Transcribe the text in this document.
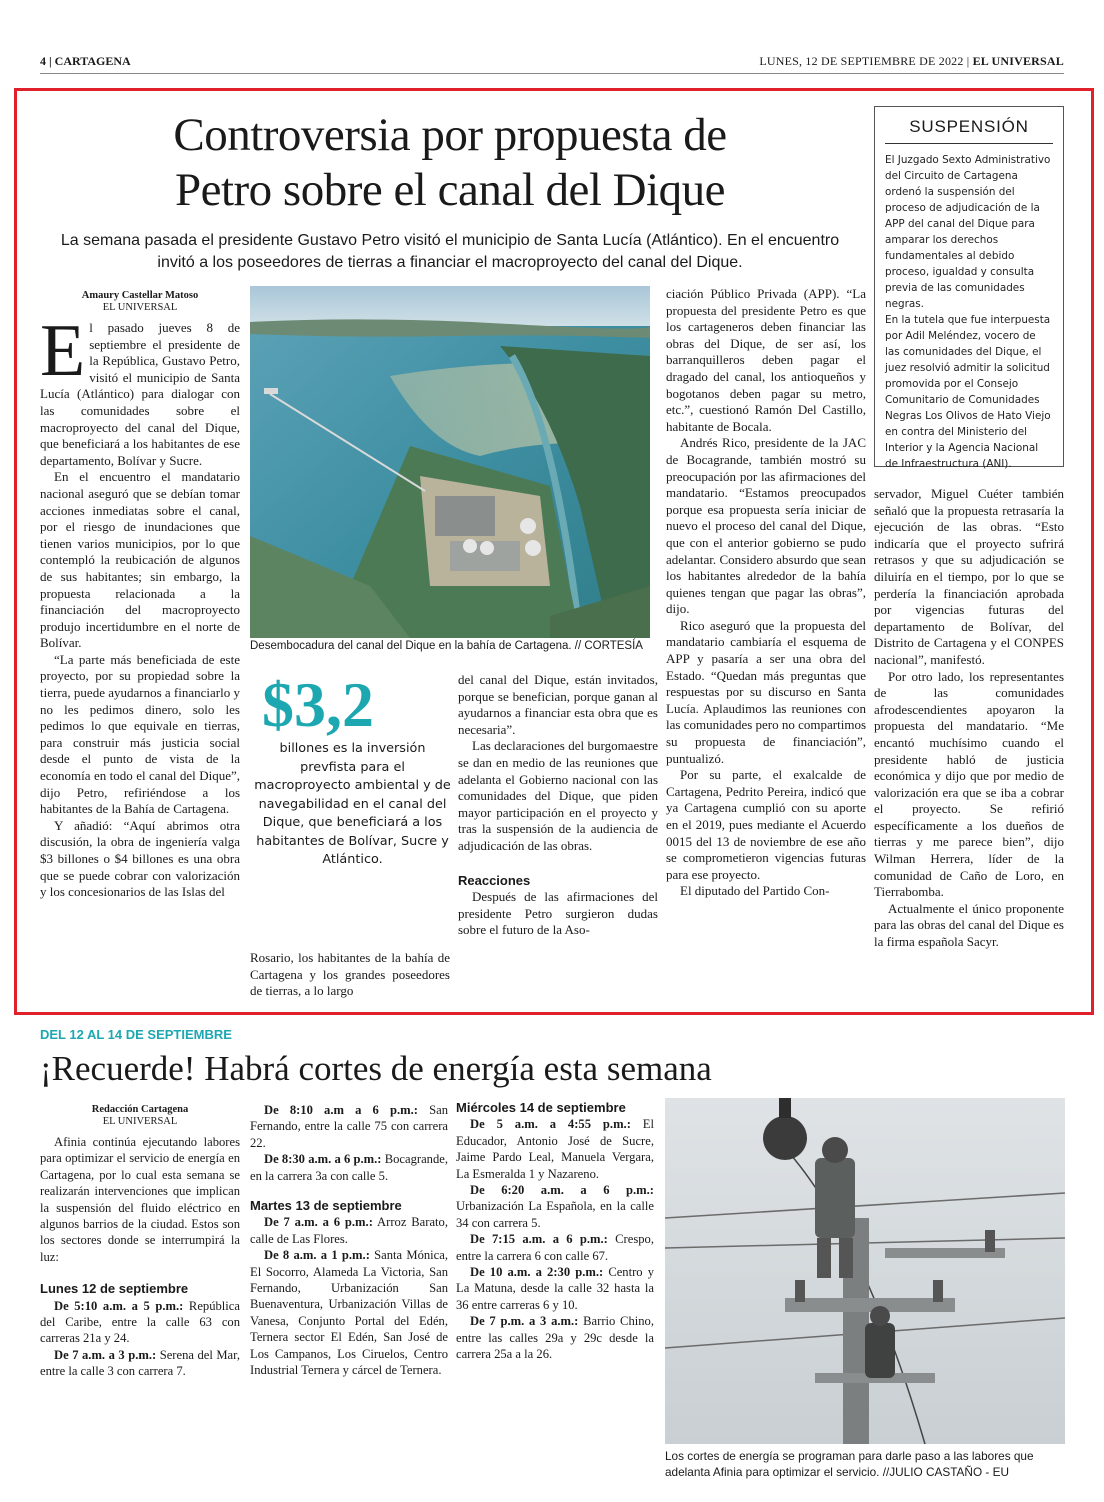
4 | CARTAGENA	LUNES, 12 DE SEPTIEMBRE DE 2022 | EL UNIVERSAL
Controversia por propuesta de
Petro sobre el canal del Dique

La semana pasada el presidente Gustavo Petro visitó el municipio de Santa Lucía (Atlántico). En el encuentro invitó a los poseedores de tierras a financiar el macroproyecto del canal del Dique.

SUSPENSIÓN

El Juzgado Sexto Administrativo del Circuito de Cartagena ordenó la suspensión del proceso de adjudicación de la APP del canal del Dique para amparar los derechos fundamentales al debido proceso, igualdad y consulta previa de las comunidades negras.

En la tutela que fue interpuesta por Adil Meléndez, vocero de las comunidades del Dique, el juez resolvió admitir la solicitud promovida por el Consejo Comunitario de Comunidades Negras Los Olivos de Hato Viejo en contra del Ministerio del Interior y la Agencia Nacional de Infraestructura (ANI).

Amaury Castellar Matoso
EL UNIVERSAL

El pasado jueves 8 de septiembre el presidente de la República, Gustavo Petro, visitó el municipio de Santa Lucía (Atlántico) para dialogar con las comunidades sobre el macroproyecto del canal del Dique, que beneficiará a los habitantes de ese departamento, Bolívar y Sucre.

En el encuentro el mandatario nacional aseguró que se debían tomar acciones inmediatas sobre el canal, por el riesgo de inundaciones que tienen varios municipios, por lo que contempló la reubicación de algunos de sus habitantes; sin embargo, la propuesta relacionada a la financiación del macroproyecto produjo incertidumbre en el norte de Bolívar.

“La parte más beneficiada de este proyecto, por su propiedad sobre la tierra, puede ayudarnos a financiarlo y no les pedimos dinero, solo les pedimos lo que equivale en tierras, para construir más justicia social desde el punto de vista de la economía en todo el canal del Dique”, dijo Petro, refiriéndose a los habitantes de la Bahía de Cartagena.

Y añadió: “Aquí abrimos otra discusión, la obra de ingeniería valga $3 billones o $4 billones es una obra que se puede cobrar con valorización y los concesionarios de las Islas del

Desembocadura del canal del Dique en la bahía de Cartagena. // CORTESÍA
$3,2
billones es la inversión prevfista para el macroproyecto ambiental y de navegabilidad en el canal del Dique, que beneficiará a los habitantes de Bolívar, Sucre y Atlántico.

Rosario, los habitantes de la bahía de Cartagena y los grandes poseedores de tierras, a lo largo

del canal del Dique, están invitados, porque se benefician, porque ganan al ayudarnos a financiar esta obra que es necesaria”.

Las declaraciones del burgomaestre se dan en medio de las reuniones que adelanta el Gobierno nacional con las comunidades del Dique, que piden mayor participación en el proyecto y tras la suspensión de la audiencia de adjudicación de las obras.

Reacciones

Después de las afirmaciones del presidente Petro surgieron dudas sobre el futuro de la Aso-

ciación Público Privada (APP). “La propuesta del presidente Petro es que los cartageneros deben financiar las obras del Dique, de ser así, los barranquilleros deben pagar el dragado del canal, los antioqueños y bogotanos deben pagar su metro, etc.”, cuestionó Ramón Del Castillo, habitante de Bocala.

Andrés Rico, presidente de la JAC de Bocagrande, también mostró su preocupación por las afirmaciones del mandatario. “Estamos preocupados porque esa propuesta sería iniciar de nuevo el proceso del canal del Dique, que con el anterior gobierno se pudo adelantar. Considero absurdo que sean los habitantes alrededor de la bahía quienes tengan que pagar las obras”, dijo.

Rico aseguró que la propuesta del mandatario cambiaría el esquema de APP y pasaría a ser una obra del Estado. “Quedan más preguntas que respuestas por su discurso en Santa Lucía. Aplaudimos las reuniones con las comunidades pero no compartimos su propuesta de financiación”, puntualizó.

Por su parte, el exalcalde de Cartagena, Pedrito Pereira, indicó que ya Cartagena cumplió con su aporte en el 2019, pues mediante el Acuerdo 0015 del 13 de noviembre de ese año se comprometieron vigencias futuras para ese proyecto.

El diputado del Partido Con-

servador, Miguel Cuéter también señaló que la propuesta retrasaría la ejecución de las obras. “Esto indicaría que el proyecto sufrirá retrasos y que su adjudicación se diluiría en el tiempo, por lo que se perdería la financiación aprobada por vigencias futuras del departamento de Bolívar, del Distrito de Cartagena y el CONPES nacional”, manifestó.

Por otro lado, los representantes de las comunidades afrodescendientes apoyaron la propuesta del mandatario. “Me encantó muchísimo cuando el presidente habló de justicia económica y dijo que por medio de valorización era que se iba a cobrar el proyecto. Se refirió específicamente a los dueños de tierras y me parece bien”, dijo Wilman Herrera, líder de la comunidad de Caño de Loro, en Tierrabomba.

Actualmente el único proponente para las obras del canal del Dique es la firma española Sacyr.

DEL 12 AL 14 DE SEPTIEMBRE
¡Recuerde! Habrá cortes de energía esta semana
Redacción Cartagena
EL UNIVERSAL

Afinia continúa ejecutando labores para optimizar el servicio de energía en Cartagena, por lo cual esta semana se realizarán intervenciones que implican la suspensión del fluido eléctrico en algunos barrios de la ciudad. Estos son los sectores donde se interrumpirá la luz:

Lunes 12 de septiembre

De 5:10 a.m. a 5 p.m.: República del Caribe, entre la calle 63 con carreras 21a y 24.

De 7 a.m. a 3 p.m.: Serena del Mar, entre la calle 3 con carrera 7.

De 8:10 a.m a 6 p.m.: San Fernando, entre la calle 75 con carrera 22.

De 8:30 a.m. a 6 p.m.: Bocagrande, en la carrera 3a con calle 5.

Martes 13 de septiembre

De 7 a.m. a 6 p.m.: Arroz Barato, calle de Las Flores.

De 8 a.m. a 1 p.m.: Santa Mónica, El Socorro, Alameda La Victoria, San Fernando, Urbanización San Buenaventura, Urbanización Villas de Vanesa, Conjunto Portal del Edén, Ternera sector El Edén, San José de Los Campanos, Los Ciruelos, Centro Industrial Ternera y cárcel de Ternera.

Miércoles 14 de septiembre

De 5 a.m. a 4:55 p.m.: El Educador, Antonio José de Sucre, Jaime Pardo Leal, Manuela Vergara, La Esmeralda 1 y Nazareno.

De 6:20 a.m. a 6 p.m.: Urbanización La Española, en la calle 34 con carrera 5.

De 7:15 a.m. a 6 p.m.: Crespo, entre la carrera 6 con calle 67.

De 10 a.m. a 2:30 p.m.: Centro y La Matuna, desde la calle 32 hasta la 36 entre carreras 6 y 10.

De 7 p.m. a 3 a.m.: Barrio Chino, entre las calles 29a y 29c desde la carrera 25a a la 26.

Los cortes de energía se programan para darle paso a las labores que adelanta Afinia para optimizar el servicio. //JULIO CASTAÑO - EU
